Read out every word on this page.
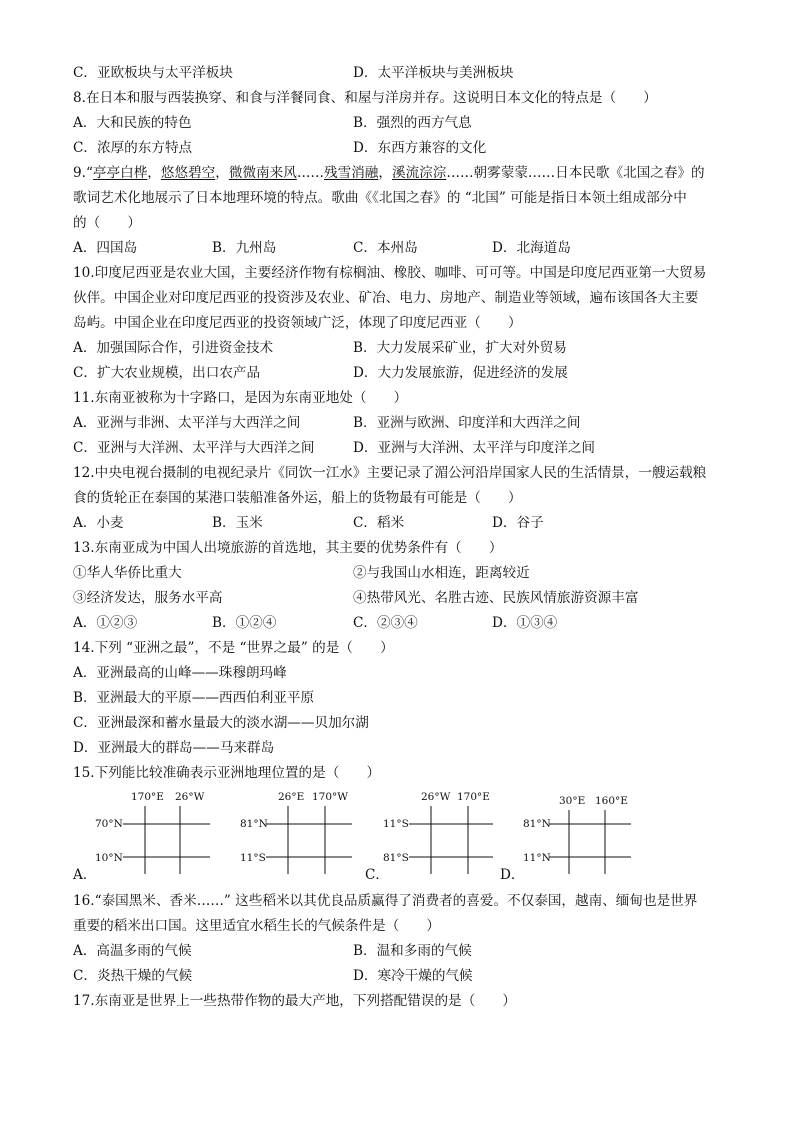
C．亚欧板块与太平洋板块	D．太平洋板块与美洲板块
8.在日本和服与西装换穿、和食与洋餐同食、和屋与洋房并存。这说明日本文化的特点是（　　）
A．大和民族的特色	B．强烈的西方气息
C．浓厚的东方特点	D．东西方兼容的文化
9.“亭亭白桦，悠悠碧空，微微南来风……残雪消融，溪流淙淙……朝雾蒙蒙……日本民歌《北国之春》的
歌词艺术化地展示了日本地理环境的特点。歌曲《《北国之春》的 “北国” 可能是指日本领土组成部分中
的（　　）
A．四国岛	B．九州岛	C．本州岛	D．北海道岛
10.印度尼西亚是农业大国，主要经济作物有棕榈油、橡胶、咖啡、可可等。中国是印度尼西亚第一大贸易
伙伴。中国企业对印度尼西亚的投资涉及农业、矿冶、电力、房地产、制造业等领域，遍布该国各大主要
岛屿。中国企业在印度尼西亚的投资领域广泛，体现了印度尼西亚（　　）
A．加强国际合作，引进资金技术	B．大力发展采矿业，扩大对外贸易
C．扩大农业规模，出口农产品	D．大力发展旅游，促进经济的发展
11.东南亚被称为十字路口，是因为东南亚地处（　　）
A．亚洲与非洲、太平洋与大西洋之间	B．亚洲与欧洲、印度洋和大西洋之间
C．亚洲与大洋洲、太平洋与大西洋之间	D．亚洲与大洋洲、太平洋与印度洋之间
12.中央电视台摄制的电视纪录片《同饮一江水》主要记录了湄公河沿岸国家人民的生活情景，一艘运载粮
食的货轮正在泰国的某港口装船准备外运，船上的货物最有可能是（　　）
A．小麦	B．玉米	C．稻米	D．谷子
13.东南亚成为中国人出境旅游的首选地，其主要的优势条件有（　　）
①华人华侨比重大	②与我国山水相连，距离较近
③经济发达，服务水平高	④热带风光、名胜古迹、民族风情旅游资源丰富
A．①②③	B．①②④	C．②③④	D．①③④
14.下列 “亚洲之最”，不是 “世界之最” 的是（　　）
A．亚洲最高的山峰——珠穆朗玛峰
B．亚洲最大的平原——西西伯利亚平原
C．亚洲最深和蓄水量最大的淡水湖——贝加尔湖
D．亚洲最大的群岛——马来群岛
15.下列能比较准确表示亚洲地理位置的是（　　）
A．
170°E 26°W
70°N
10°N
26°E 170°W
81°N
11°S
C．
26°W 170°E
11°S
81°S
D．
30°E 160°E
81°N
11°N
16.“泰国黑米、香米……” 这些稻米以其优良品质赢得了消费者的喜爱。不仅泰国，越南、缅甸也是世界
重要的稻米出口国。这里适宜水稻生长的气候条件是（　　）
A．高温多雨的气候	B．温和多雨的气候
C．炎热干燥的气候	D．寒冷干燥的气候
17.东南亚是世界上一些热带作物的最大产地，下列搭配错误的是（　　）
